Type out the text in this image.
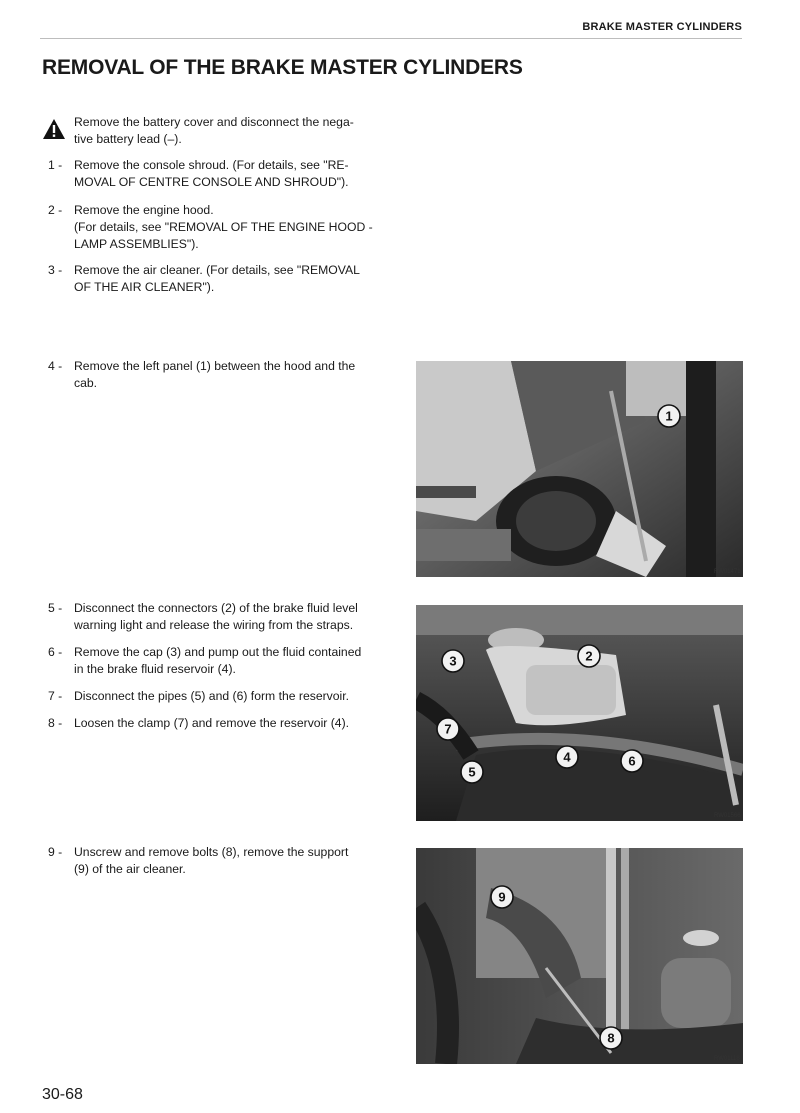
BRAKE MASTER CYLINDERS
REMOVAL OF THE BRAKE MASTER CYLINDERS
Remove the battery cover and disconnect the nega-
tive battery lead (–).
1 - Remove the console shroud. (For details, see "RE-
MOVAL OF CENTRE CONSOLE AND SHROUD").
2 - Remove the engine hood.
(For details, see "REMOVAL OF THE ENGINE HOOD -
LAMP ASSEMBLIES").
3 - Remove the air cleaner. (For details, see "REMOVAL
OF THE AIR CLEANER").
4 - Remove the left panel (1) between the hood and the
cab.
5 - Disconnect the connectors (2) of the brake fluid level
warning light and release the wiring from the straps.
6 - Remove the cap (3) and pump out the fluid contained
in the brake fluid reservoir (4).
7 - Disconnect the pipes (5) and (6) form the reservoir.
8 - Loosen the clamp (7) and remove the reservoir (4).
9 - Unscrew and remove bolts (8), remove the support
(9) of the air cleaner.
1
RW01471
2
3
7
4	6
5
RW01566
9
8
RW01118
30-68
